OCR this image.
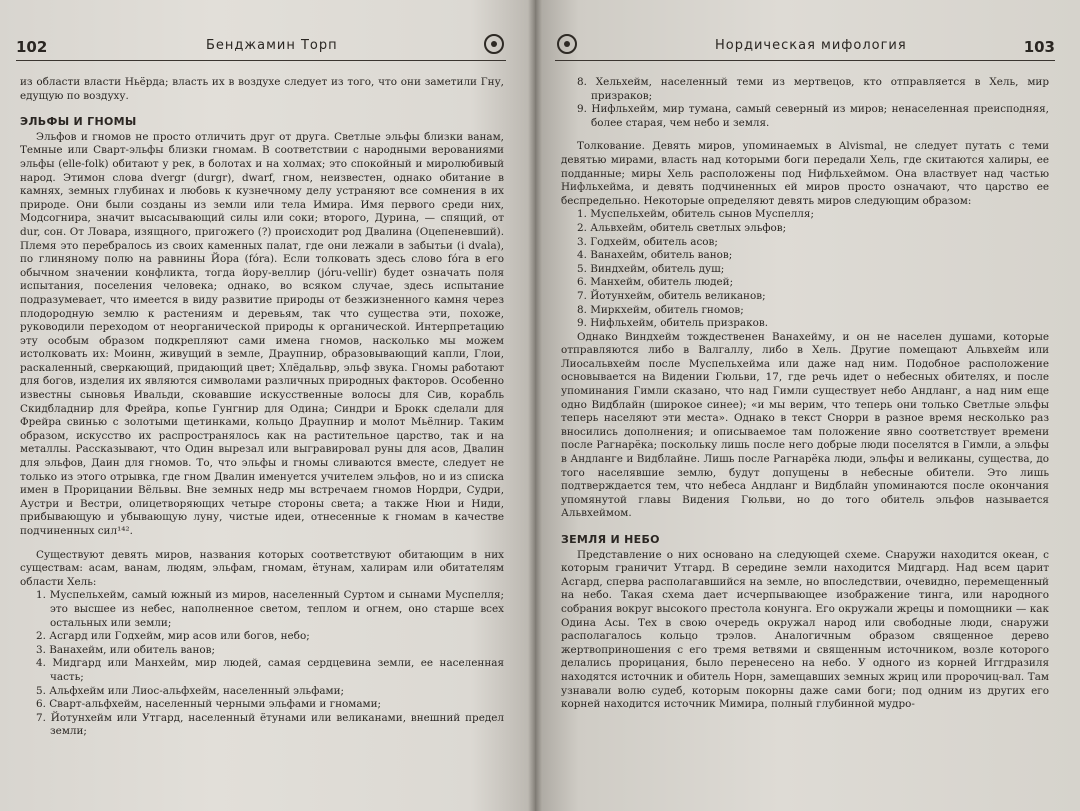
102	Бенджамин Торп

из области власти Ньёрда; власть их в воздухе следует из того, что они заметили Гну, едущую по воздуху.

ЭЛЬФЫ И ГНОМЫ

Эльфов и гномов не просто отличить друг от друга. Светлые эльфы близки ванам, Темные или Сварт-эльфы близки гномам. В соответствии с народными верованиями эльфы (elle-folk) обитают у рек, в болотах и на холмах; это спокойный и миролюбивый народ. Этимон слова dvergr (durgr), dwarf, гном, неизвестен, однако обитание в камнях, земных глубинах и любовь к кузнечному делу устраняют все сомнения в их природе. Они были созданы из земли или тела Имира. Имя первого среди них, Модсогнира, значит высасывающий силы или соки; второго, Дурина, — спящий, от dur, сон. От Ловара, изящного, пригожего (?) происходит род Двалина (Оцепеневший). Племя это перебралось из своих каменных палат, где они лежали в забытьи (i dvala), по глиняному полю на равнины Йора (fóra). Если толковать здесь слово fóra в его обычном значении конфликта, тогда йору-веллир (jóru-vellir) будет означать поля испытания, поселения человека; однако, во всяком случае, здесь испытание подразумевает, что имеется в виду развитие природы от безжизненного камня через плодородную землю к растениям и деревьям, так что существа эти, похоже, руководили переходом от неорганической природы к органической. Интерпретацию эту особым образом подкрепляют сами имена гномов, насколько мы можем истолковать их: Моинн, живущий в земле, Драупнир, образовывающий капли, Глои, раскаленный, сверкающий, придающий цвет; Хлёдальвр, эльф звука. Гномы работают для богов, изделия их являются символами различных природных факторов. Особенно известны сыновья Ивальди, сковавшие искусственные волосы для Сив, корабль Скидбладнир для Фрейра, копье Гунгнир для Одина; Синдри и Брокк сделали для Фрейра свинью с золотыми щетинками, кольцо Драупнир и молот Мьёлнир. Таким образом, искусство их распространялось как на растительное царство, так и на металлы. Рассказывают, что Один вырезал или выгравировал руны для асов, Двалин для эльфов, Даин для гномов. То, что эльфы и гномы сливаются вместе, следует не только из этого отрывка, где гном Двалин именуется учителем эльфов, но и из списка имен в Прорицании Вёльвы. Вне земных недр мы встречаем гномов Нордри, Судри, Аустри и Вестри, олицетворяющих четыре стороны света; а также Нюи и Ниди, прибывающую и убывающую луну, чистые идеи, отнесенные к гномам в качестве подчиненных сил¹⁴².

Существуют девять миров, названия которых соответствуют обитающим в них существам: асам, ванам, людям, эльфам, гномам, ётунам, халирам или обитателям области Хель:

1. Муспельхейм, самый южный из миров, населенный Суртом и сынами Муспелля; это высшее из небес, наполненное светом, теплом и огнем, оно старше всех остальных или земли;
2. Асгард или Годхейм, мир асов или богов, небо;
3. Ванахейм, или обитель ванов;
4. Мидгард или Манхейм, мир людей, самая сердцевина земли, ее населенная часть;
5. Альфхейм или Лиос-альфхейм, населенный эльфами;
6. Сварт-альфхейм, населенный черными эльфами и гномами;
7. Йотунхейм или Утгард, населенный ётунами или великанами, внешний предел земли;
Нордическая мифология	103
8. Хельхейм, населенный теми из мертвецов, кто отправляется в Хель, мир призраков;
9. Нифльхейм, мир тумана, самый северный из миров; ненаселенная преисподняя, более старая, чем небо и земля.

Толкование. Девять миров, упоминаемых в Alvismal, не следует путать с теми девятью мирами, власть над которыми боги передали Хель, где скитаются халиры, ее подданные; миры Хель расположены под Нифльхеймом. Она властвует над частью Нифльхейма, и девять подчиненных ей миров просто означают, что царство ее беспредельно. Некоторые определяют девять миров следующим образом:

1. Муспельхейм, обитель сынов Муспелля;
2. Альвхейм, обитель светлых эльфов;
3. Годхейм, обитель асов;
4. Ванахейм, обитель ванов;
5. Виндхейм, обитель душ;
6. Манхейм, обитель людей;
7. Йотунхейм, обитель великанов;
8. Миркхейм, обитель гномов;
9. Нифльхейм, обитель призраков.

Однако Виндхейм тождественен Ванахейму, и он не населен душами, которые отправляются либо в Валгаллу, либо в Хель. Другие помещают Альвхейм или Лиосальвхейм после Муспельхейма или даже над ним. Подобное расположение основывается на Видении Гюльви, 17, где речь идет о небесных обителях, и после упоминания Гимли сказано, что над Гимли существует небо Андланг, а над ним еще одно Видблайн (широкое синее); «и мы верим, что теперь они только Светлые эльфы теперь населяют эти места». Однако в текст Снорри в разное время несколько раз вносились дополнения; и описываемое там положение явно соответствует времени после Рагнарёка; поскольку лишь после него добрые люди поселятся в Гимли, а эльфы в Андланге и Видблайне. Лишь после Рагнарёка люди, эльфы и великаны, существа, до того населявшие землю, будут допущены в небесные обители. Это лишь подтверждается тем, что небеса Андланг и Видблайн упоминаются после окончания упомянутой главы Видения Гюльви, но до того обитель эльфов называется Альвхеймом.

ЗЕМЛЯ И НЕБО

Представление о них основано на следующей схеме. Снаружи находится океан, с которым граничит Утгард. В середине земли находится Мидгард. Над всем царит Асгард, сперва располагавшийся на земле, но впоследствии, очевидно, перемещенный на небо. Такая схема дает исчерпывающее изображение тинга, или народного собрания вокруг высокого престола конунга. Его окружали жрецы и помощники — как Одина Асы. Тех в свою очередь окружал народ или свободные люди, снаружи располагалось кольцо трэлов. Аналогичным образом священное дерево жертвоприношения с его тремя ветвями и священным источником, возле которого делались прорицания, было перенесено на небо. У одного из корней Иггдразиля находятся источник и обитель Норн, замещавших земных жриц или пророчиц-вал. Там узнавали волю судеб, которым покорны даже сами боги; под одним из других его корней находится источник Мимира, полный глубинной мудро-
